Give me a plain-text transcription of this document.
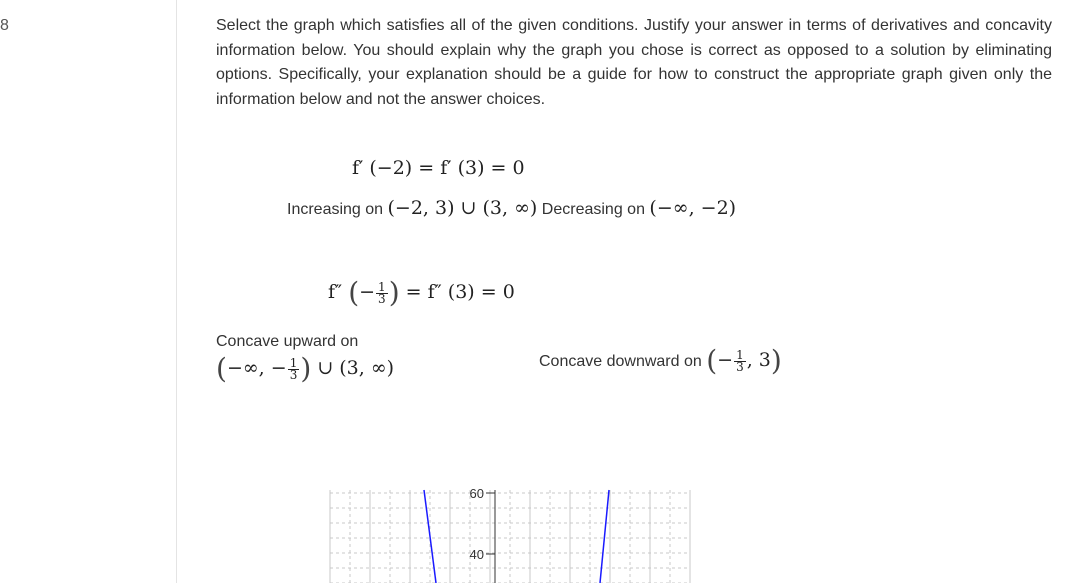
8	Select the graph which satisfies all of the given conditions. Justify your answer in terms of derivatives and concavity information below. You should explain why the graph you chose is correct as opposed to a solution by eliminating options. Specifically, your explanation should be a guide for how to construct the appropriate graph given only the information below and not the answer choices.
f′ (−2) = f′ (3) = 0
Increasing on (−2, 3) ∪ (3, ∞) Decreasing on (−∞, −2)
f″ (− $\frac{1}{3}$ ) = f″ (3) = 0
Concave upward on
(−∞, − $\frac{1}{3}$ ) ∪ (3, ∞)	Concave downward on (− $\frac{1}{3}$ , 3)
60
40
